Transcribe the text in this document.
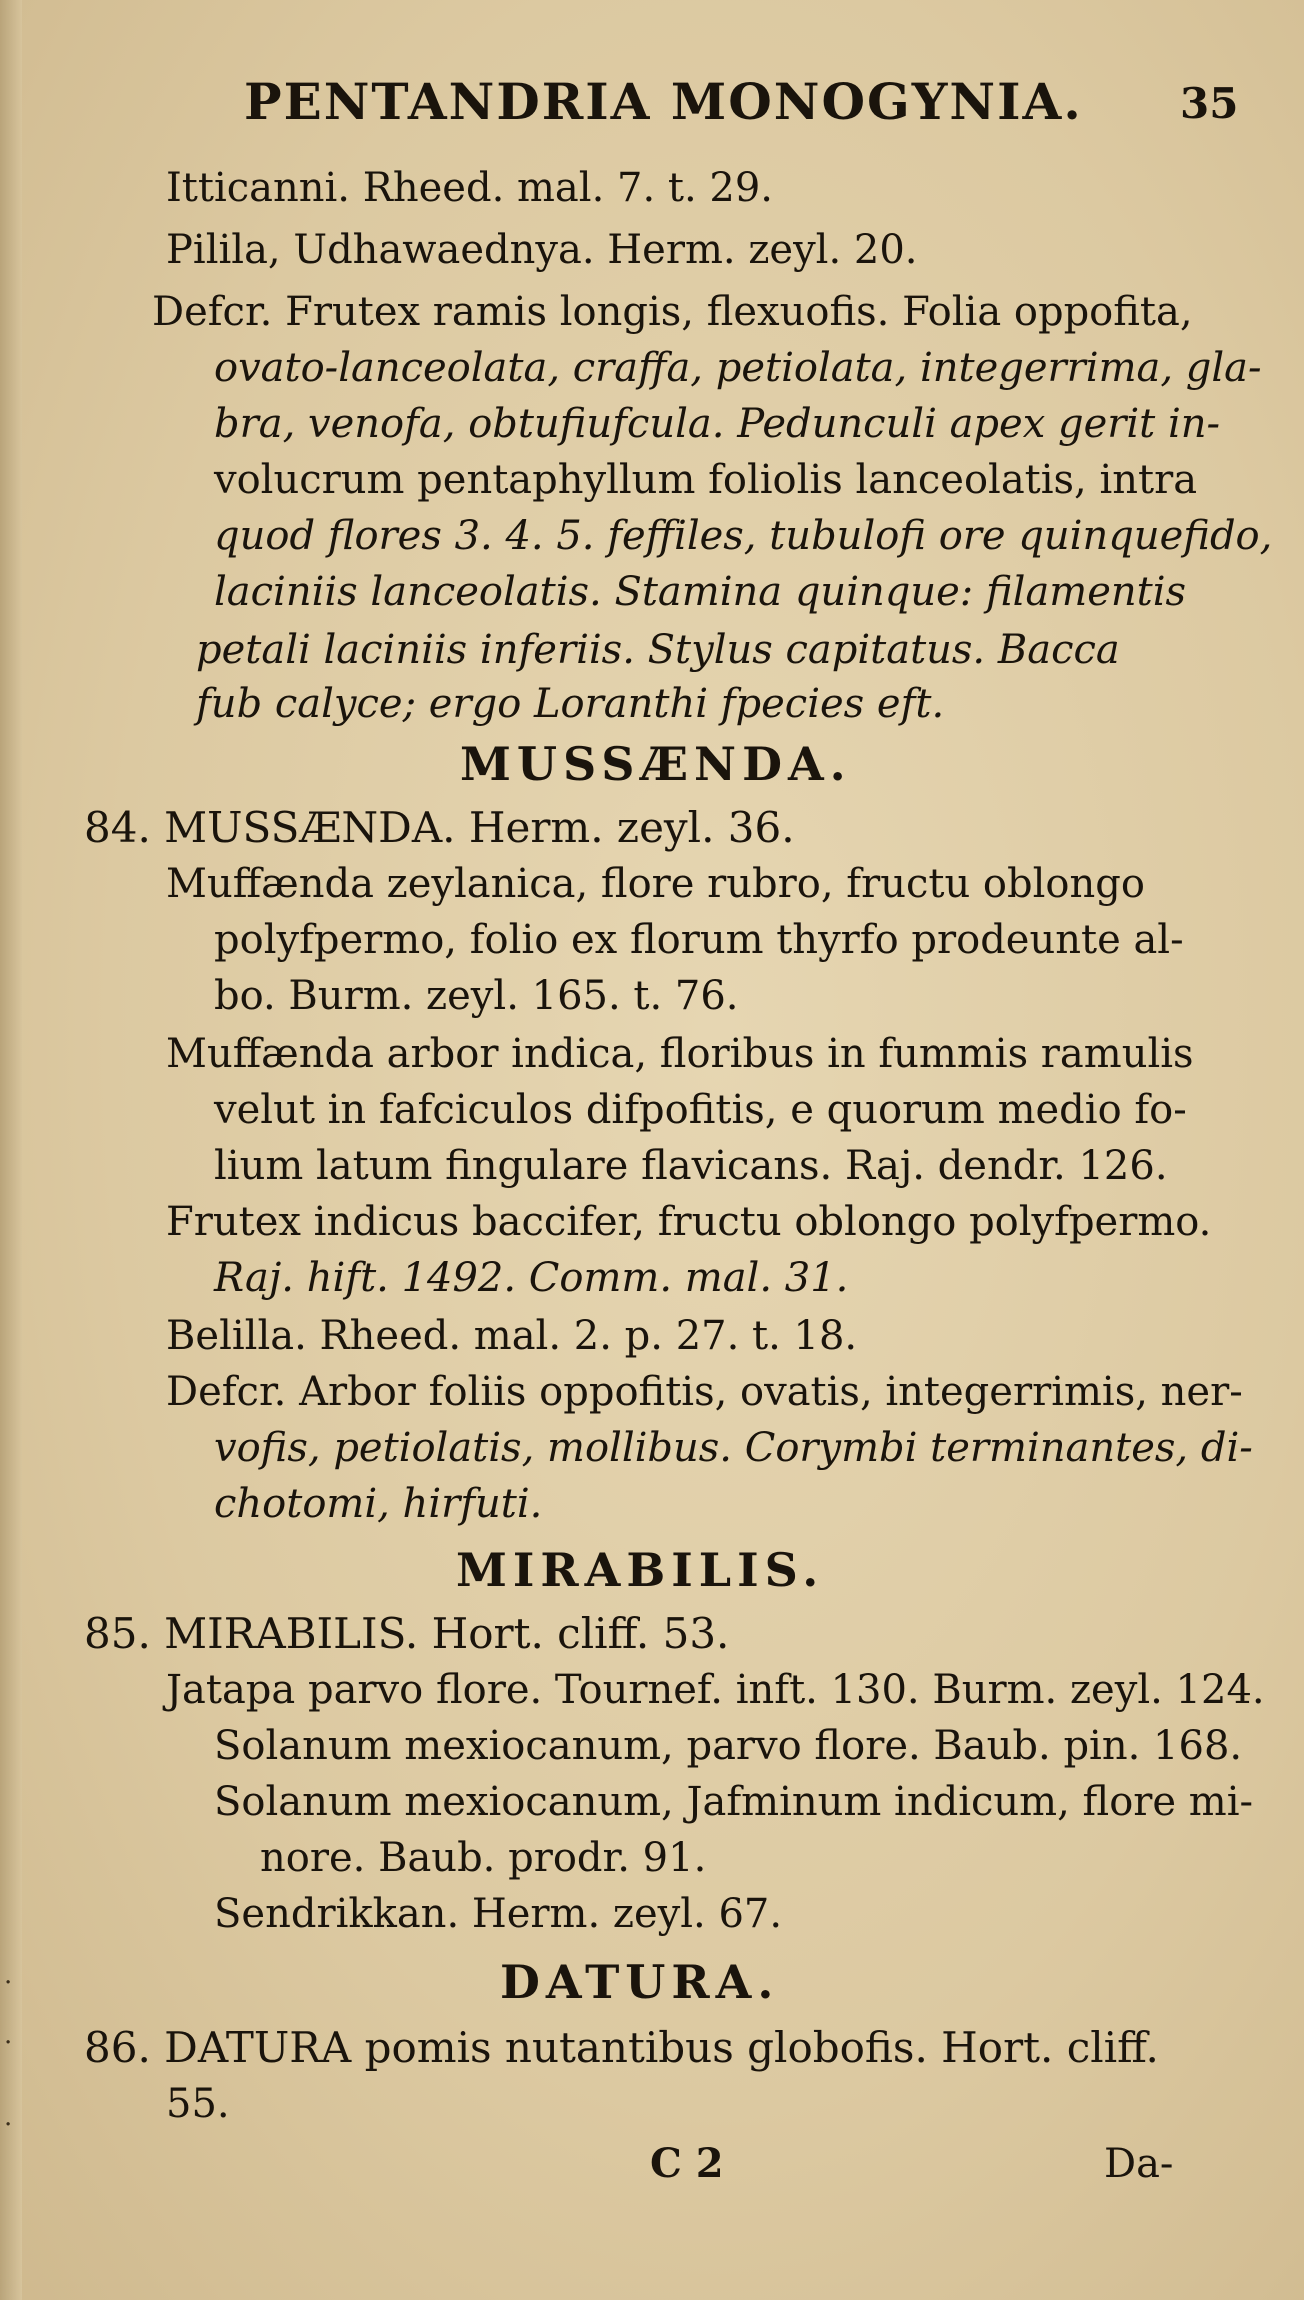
PENTANDRIA MONOGYNIA. 35
Itticanni. Rheed. mal. 7. t. 29.
Pilila, Udhawaednya. Herm. zeyl. 20.
Defcr. Frutex ramis longis, flexuofis. Folia oppofita,
ovato-lanceolata, craffa, petiolata, integerrima, gla-
bra, venofa, obtufiufcula. Pedunculi apex gerit in-
volucrum pentaphyllum foliolis lanceolatis, intra
quod flores 3. 4. 5. feffiles, tubulofi ore quinquefido,
laciniis lanceolatis. Stamina quinque: filamentis
petali laciniis inferiis. Stylus capitatus. Bacca
fub calyce; ergo Loranthi fpecies eft.
MUSSÆNDA.
84. MUSSÆNDA. Herm. zeyl. 36.
Muffænda zeylanica, flore rubro, fructu oblongo
polyfpermo, folio ex florum thyrfo prodeunte al-
bo. Burm. zeyl. 165. t. 76.
Muffænda arbor indica, floribus in fummis ramulis
velut in fafciculos difpofitis, e quorum medio fo-
lium latum fingulare flavicans. Raj. dendr. 126.
Frutex indicus baccifer, fructu oblongo polyfpermo.
Raj. hift. 1492. Comm. mal. 31.
Belilla. Rheed. mal. 2. p. 27. t. 18.
Defcr. Arbor foliis oppofitis, ovatis, integerrimis, ner-
vofis, petiolatis, mollibus. Corymbi terminantes, di-
chotomi, hirfuti.
MIRABILIS.
85. MIRABILIS. Hort. cliff. 53.
Jatapa parvo flore. Tournef. inft. 130. Burm. zeyl. 124.
Solanum mexiocanum, parvo flore. Baub. pin. 168.
Solanum mexiocanum, Jafminum indicum, flore mi-
nore. Baub. prodr. 91.
Sendrikkan. Herm. zeyl. 67.
DATURA.
86. DATURA pomis nutantibus globofis. Hort. cliff.
55.
C 2	Da-
·
·
·
